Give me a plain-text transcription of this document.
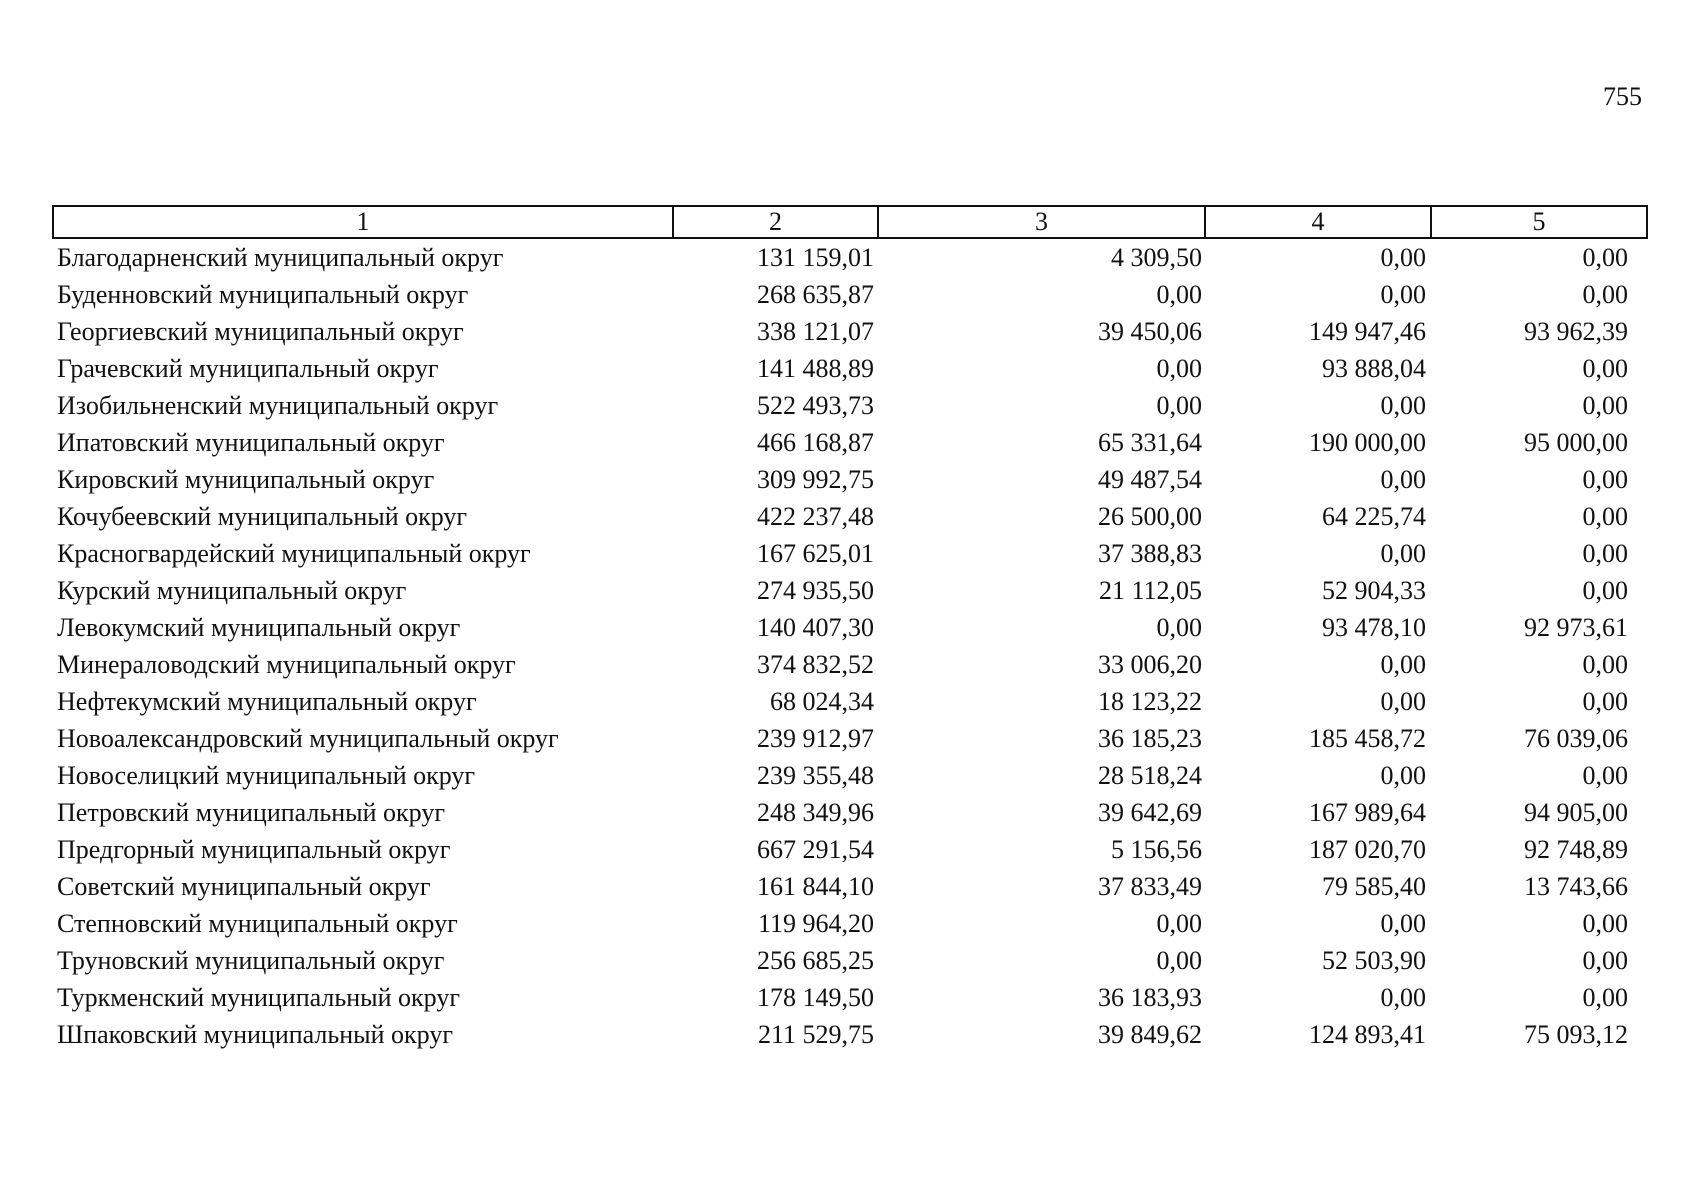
755
1	2	3	4	5
Благодарненский муниципальный округ	131 159,01	4 309,50	0,00	0,00
Буденновский муниципальный округ	268 635,87	0,00	0,00	0,00
Георгиевский муниципальный округ	338 121,07	39 450,06	149 947,46	93 962,39
Грачевский муниципальный округ	141 488,89	0,00	93 888,04	0,00
Изобильненский муниципальный округ	522 493,73	0,00	0,00	0,00
Ипатовский муниципальный округ	466 168,87	65 331,64	190 000,00	95 000,00
Кировский муниципальный округ	309 992,75	49 487,54	0,00	0,00
Кочубеевский муниципальный округ	422 237,48	26 500,00	64 225,74	0,00
Красногвардейский муниципальный округ	167 625,01	37 388,83	0,00	0,00
Курский муниципальный округ	274 935,50	21 112,05	52 904,33	0,00
Левокумский муниципальный округ	140 407,30	0,00	93 478,10	92 973,61
Минераловодский муниципальный округ	374 832,52	33 006,20	0,00	0,00
Нефтекумский муниципальный округ	68 024,34	18 123,22	0,00	0,00
Новоалександровский муниципальный округ	239 912,97	36 185,23	185 458,72	76 039,06
Новоселицкий муниципальный округ	239 355,48	28 518,24	0,00	0,00
Петровский муниципальный округ	248 349,96	39 642,69	167 989,64	94 905,00
Предгорный муниципальный округ	667 291,54	5 156,56	187 020,70	92 748,89
Советский муниципальный округ	161 844,10	37 833,49	79 585,40	13 743,66
Степновский муниципальный округ	119 964,20	0,00	0,00	0,00
Труновский муниципальный округ	256 685,25	0,00	52 503,90	0,00
Туркменский муниципальный округ	178 149,50	36 183,93	0,00	0,00
Шпаковский муниципальный округ	211 529,75	39 849,62	124 893,41	75 093,12
